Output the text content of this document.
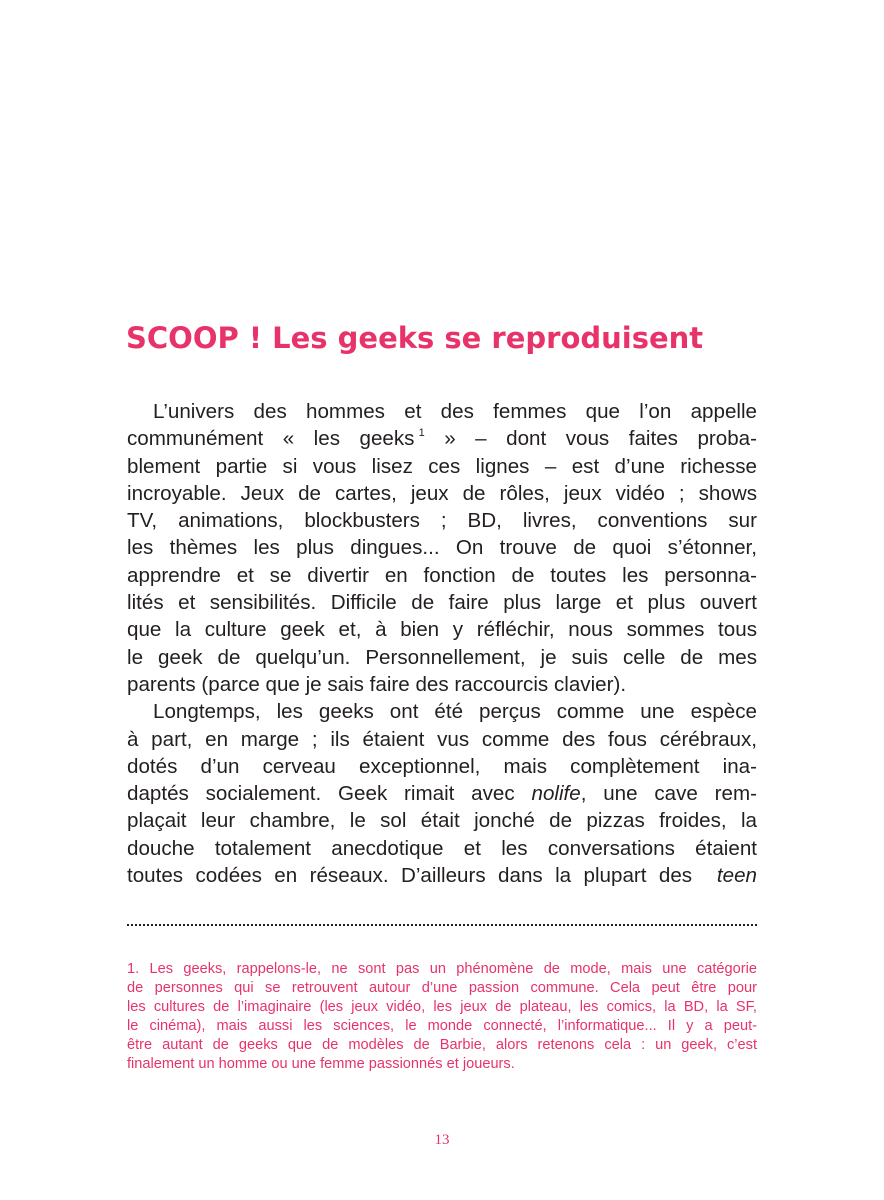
SCOOP ! Les geeks se reproduisent
L’univers des hommes et des femmes que l’on appelle
communément « les geeks  $^1$ » – dont vous faites proba-
blement partie si vous lisez ces lignes – est d’une richesse
incroyable. Jeux de cartes, jeux de rôles, jeux vidéo ; shows
TV, animations, blockbusters ; BD, livres, conventions sur
les thèmes les plus dingues... On trouve de quoi s’étonner,
apprendre et se divertir en fonction de toutes les personna-
lités et sensibilités. Difficile de faire plus large et plus ouvert
que la culture geek et, à bien y réfléchir, nous sommes tous
le geek de quelqu’un. Personnellement, je suis celle de mes
parents (parce que je sais faire des raccourcis clavier).
Longtemps, les geeks ont été perçus comme une espèce
à part, en marge ; ils étaient vus comme des fous cérébraux,
dotés d’un cerveau exceptionnel, mais complètement ina-
daptés socialement. Geek rimait avec nolife, une cave rem-
plaçait leur chambre, le sol était jonché de pizzas froides, la
douche totalement anecdotique et les conversations étaient
toutes codées en réseaux. D’ailleurs dans la plupart des  teen
1. Les geeks, rappelons-le, ne sont pas un phénomène de mode, mais une catégorie
de personnes qui se retrouvent autour d’une passion commune. Cela peut être pour
les cultures de l’imaginaire (les jeux vidéo, les jeux de plateau, les comics, la BD, la SF,
le cinéma), mais aussi les sciences, le monde connecté, l’informatique... Il y a peut-
être autant de geeks que de modèles de Barbie, alors retenons cela : un geek, c’est
finalement un homme ou une femme passionnés et joueurs.
13
